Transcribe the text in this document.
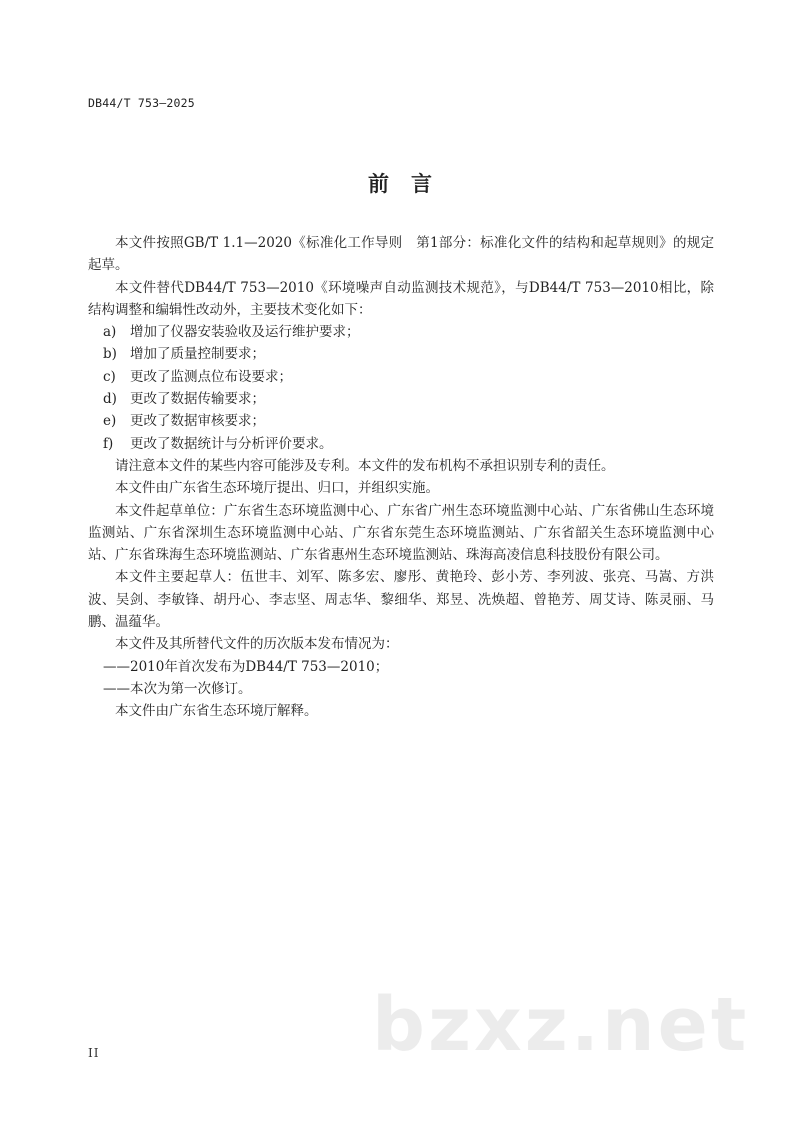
DB44/T 753—2025
前言

本文件按照GB/T 1.1—2020《标准化工作导则　第1部分：标准化文件的结构和起草规则》的规定起草。

本文件替代DB44/T 753—2010《环境噪声自动监测技术规范》，与DB44/T 753—2010相比，除结构调整和编辑性改动外，主要技术变化如下：

a) 增加了仪器安装验收及运行维护要求；

b) 增加了质量控制要求；

c) 更改了监测点位布设要求；

d) 更改了数据传输要求；

e) 更改了数据审核要求；

f) 更改了数据统计与分析评价要求。

请注意本文件的某些内容可能涉及专利。本文件的发布机构不承担识别专利的责任。

本文件由广东省生态环境厅提出、归口，并组织实施。

本文件起草单位：广东省生态环境监测中心、广东省广州生态环境监测中心站、广东省佛山生态环境监测站、广东省深圳生态环境监测中心站、广东省东莞生态环境监测站、广东省韶关生态环境监测中心站、广东省珠海生态环境监测站、广东省惠州生态环境监测站、珠海高凌信息科技股份有限公司。

本文件主要起草人：伍世丰、刘军、陈多宏、廖彤、黄艳玲、彭小芳、李列波、张亮、马嵩、方洪波、吴剑、李敏锋、胡丹心、李志坚、周志华、黎细华、郑昱、冼焕超、曾艳芳、周艾诗、陈灵丽、马鹏、温蕴华。

本文件及其所替代文件的历次版本发布情况为：

——2010年首次发布为DB44/T 753—2010；

——本次为第一次修订。

本文件由广东省生态环境厅解释。

II	bzxz.net
